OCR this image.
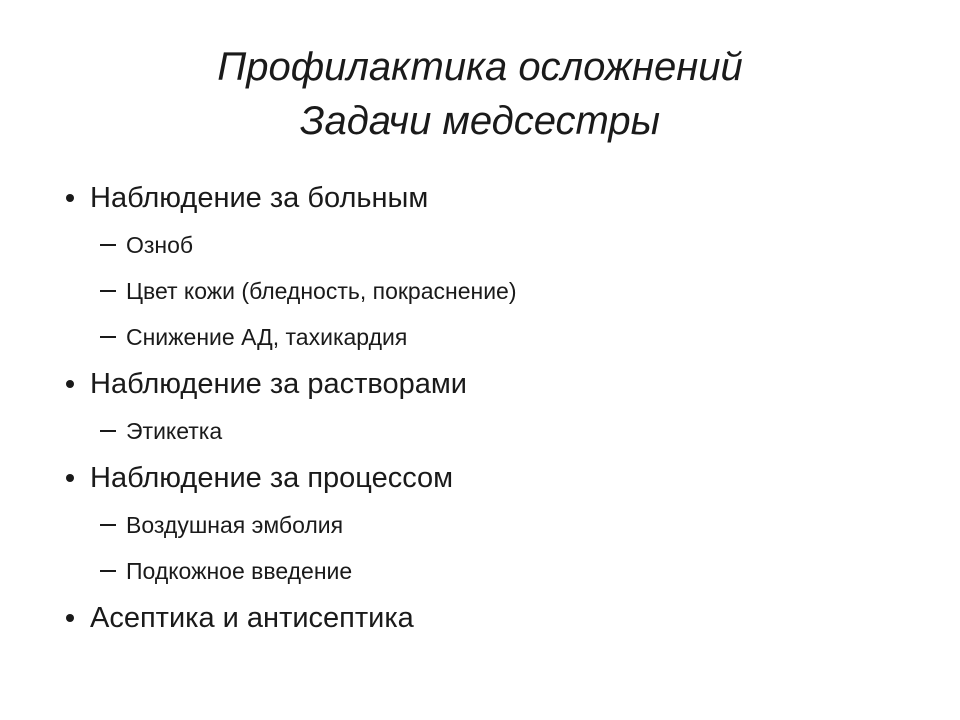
Профилактика осложнений
Задачи медсестры
Наблюдение за больным
Озноб
Цвет кожи (бледность, покраснение)
Снижение АД, тахикардия
Наблюдение за растворами
Этикетка
Наблюдение за процессом
Воздушная эмболия
Подкожное введение
Асептика и антисептика
